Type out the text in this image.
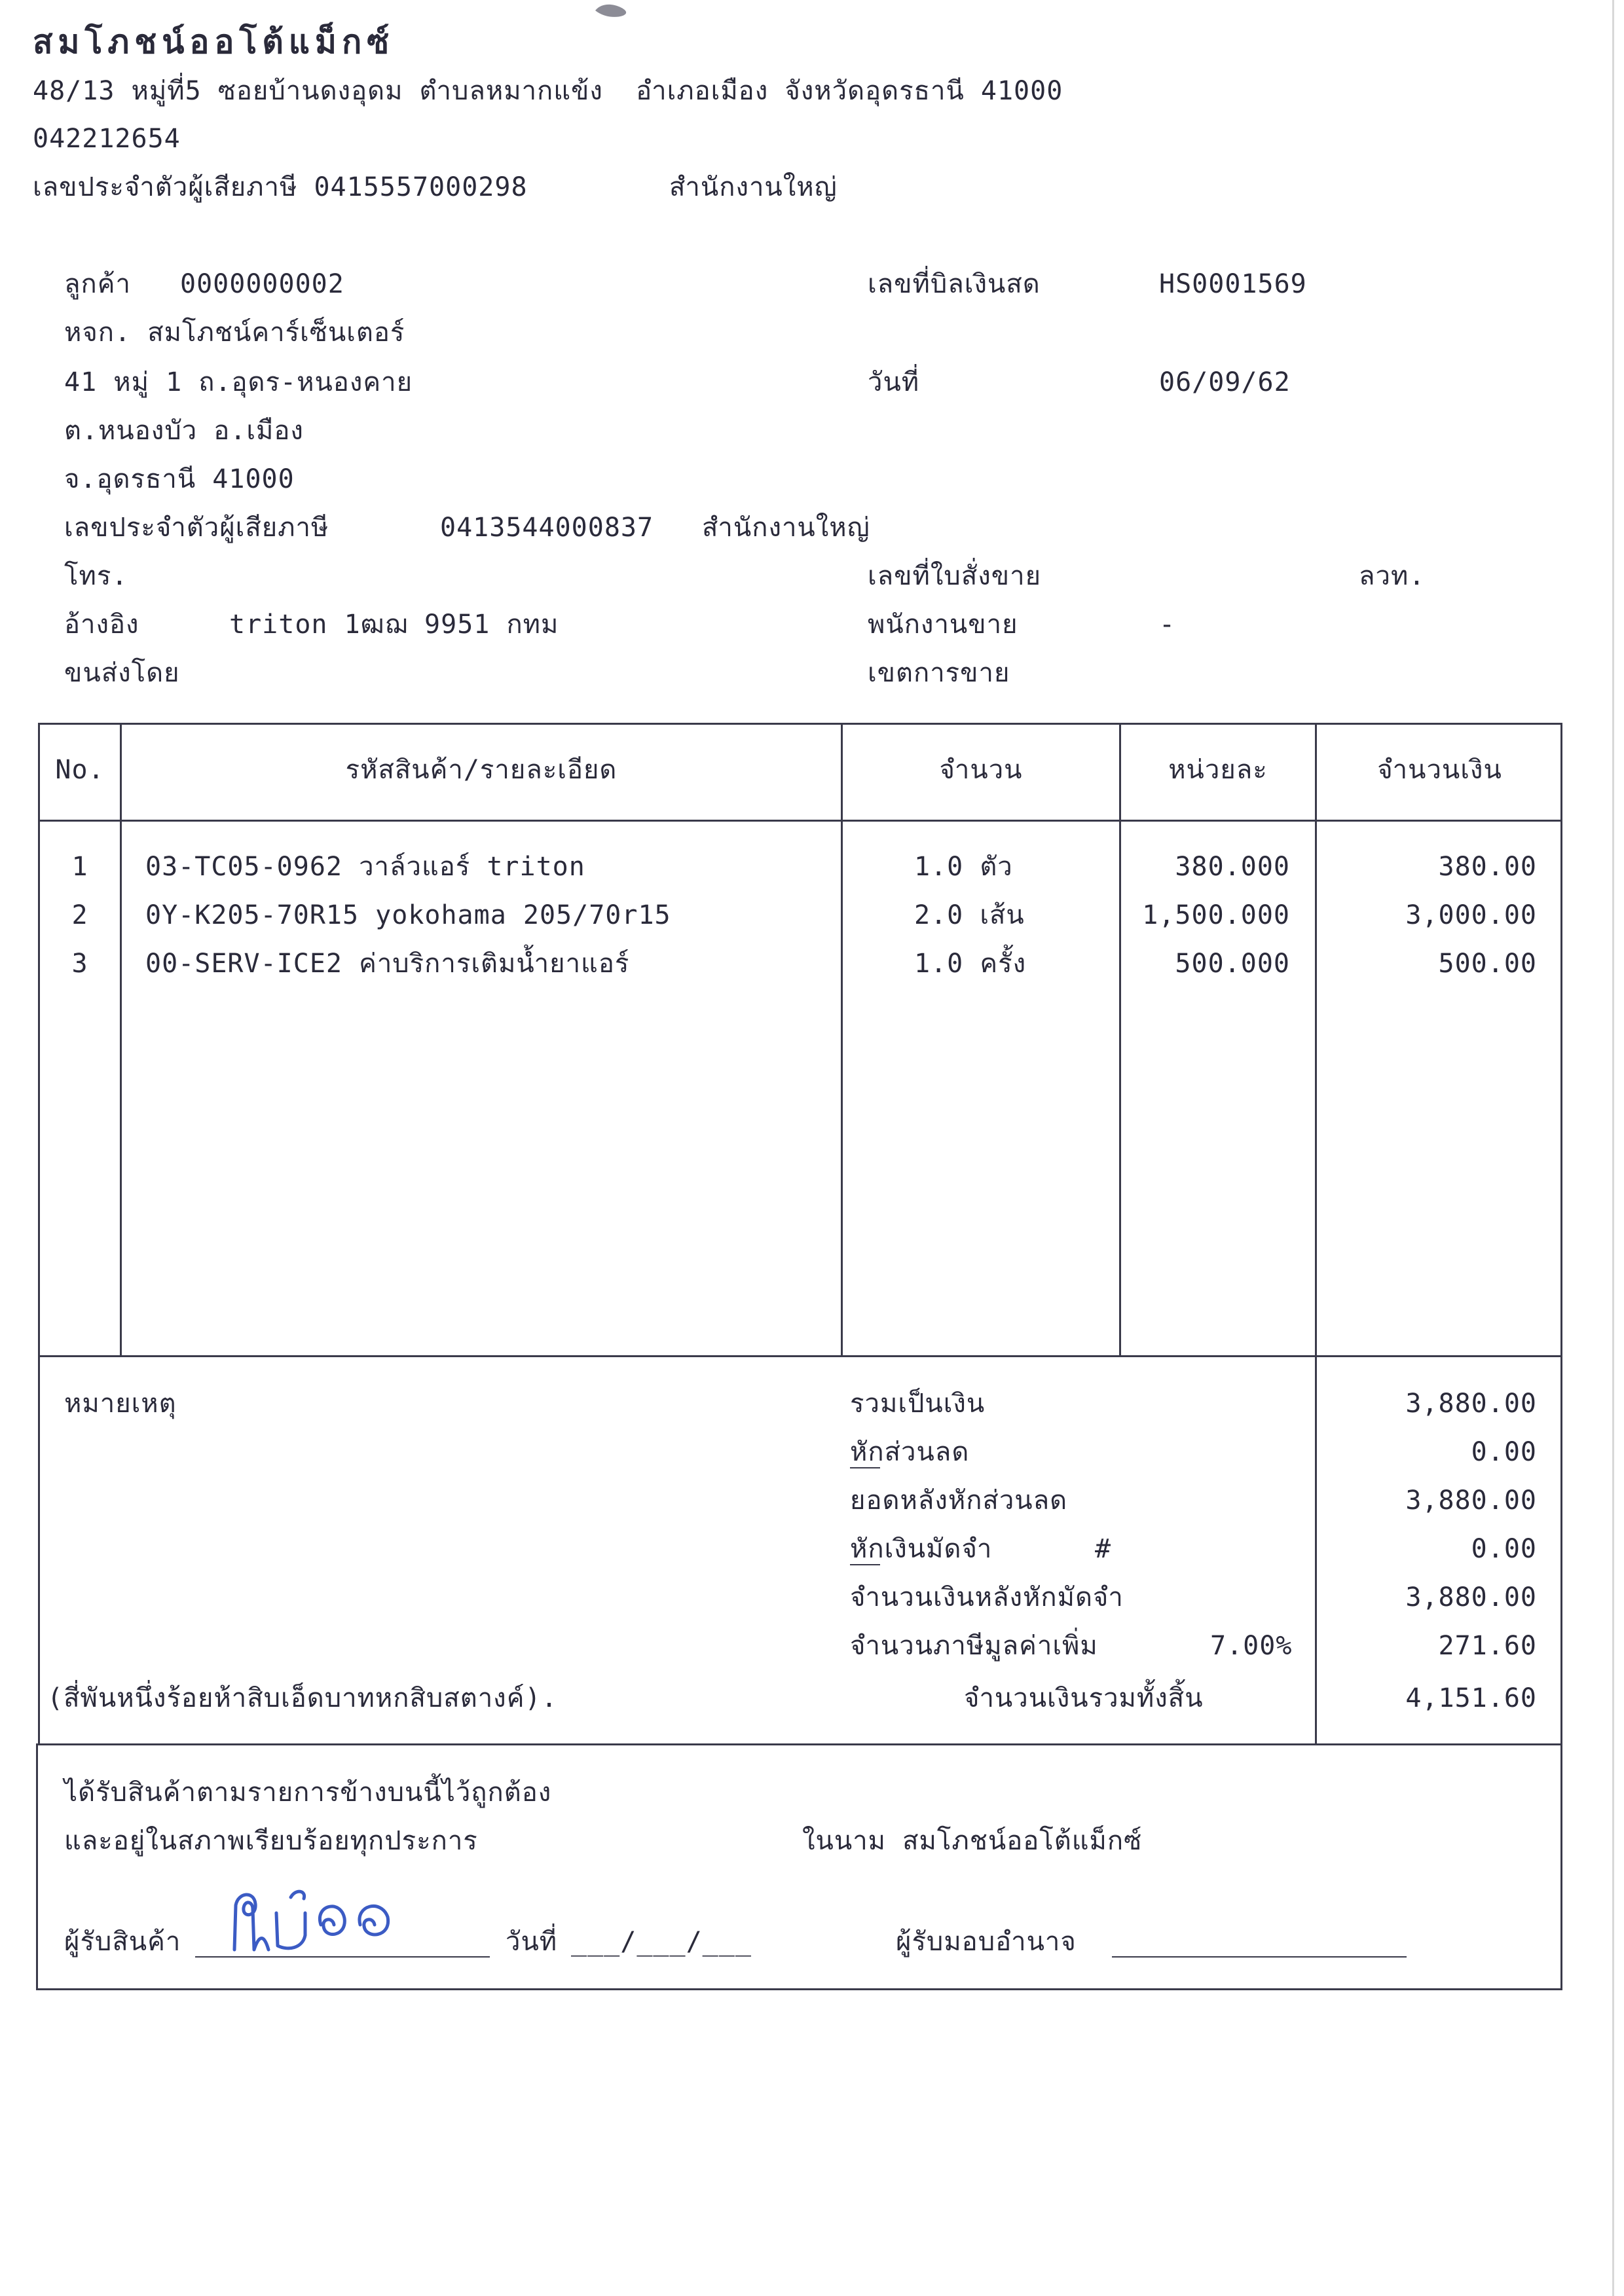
สมโภชน์ออโต้แม็กซ์
48/13 หมู่ที่5 ซอยบ้านดงอุดม ตำบลหมากแข้ง  อำเภอเมือง จังหวัดอุดรธานี 41000
042212654
เลขประจำตัวผู้เสียภาษี 0415557000298	สำนักงานใหญ่
ลูกค้า 0000000002
หจก. สมโภชน์คาร์เซ็นเตอร์
41 หมู่ 1 ถ.อุดร-หนองคาย
ต.หนองบัว อ.เมือง
จ.อุดรธานี 41000
เลขประจำตัวผู้เสียภาษี	0413544000837 สำนักงานใหญ่
โทร.
อ้างอิง	triton 1ฒฌ 9951 กทม
ขนส่งโดย
เลขที่บิลเงินสด	HS0001569
วันที่	06/09/62
เลขที่ใบสั่งขาย	ลวท.
พนักงานขาย	-
เขตการขาย
No.	รหัสสินค้า/รายละเอียด	จำนวน	หน่วยละ	จำนวนเงิน
1	03-TC05-0962 วาล์วแอร์ triton	1.0 ตัว	380.000	380.00
2	0Y-K205-70R15 yokohama 205/70r15	2.0 เส้น	1,500.000	3,000.00
3	00-SERV-ICE2 ค่าบริการเติมน้ำยาแอร์	1.0 ครั้ง	500.000	500.00
หมายเหตุ
(สี่พันหนึ่งร้อยห้าสิบเอ็ดบาทหกสิบสตางค์).
รวมเป็นเงิน	3,880.00
หักส่วนลด	0.00
ยอดหลังหักส่วนลด	3,880.00
หักเงินมัดจำ	#	0.00
จำนวนเงินหลังหักมัดจำ	3,880.00
จำนวนภาษีมูลค่าเพิ่ม	7.00%	271.60
จำนวนเงินรวมทั้งสิ้น	4,151.60
ได้รับสินค้าตามรายการข้างบนนี้ไว้ถูกต้อง
และอยู่ในสภาพเรียบร้อยทุกประการ	ในนาม สมโภชน์ออโต้แม็กซ์
ผู้รับสินค้า	วันที่ ___/___/___	ผู้รับมอบอำนาจ
